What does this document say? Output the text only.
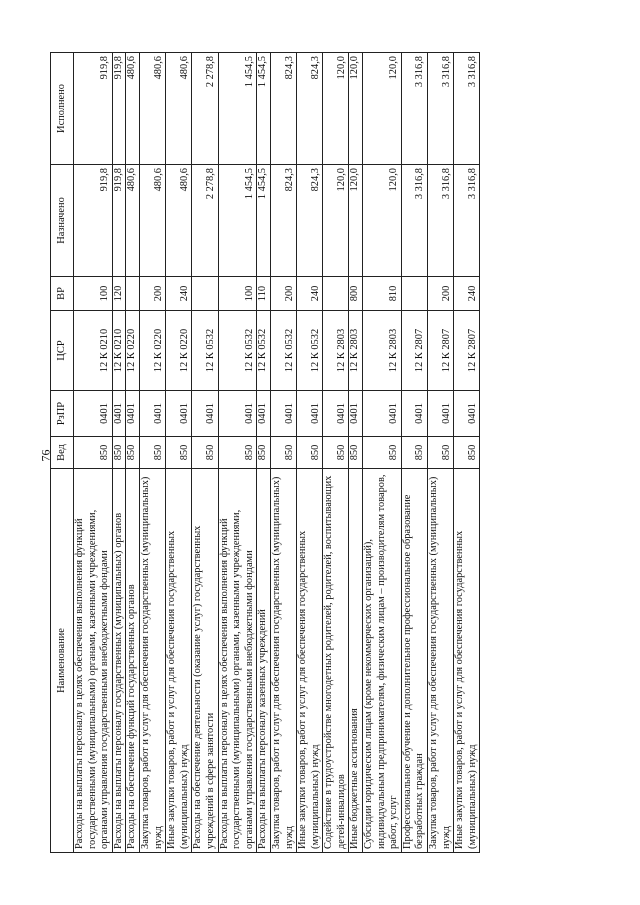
76
Наименование	Вед	РзПР	ЦСР	ВР	Назначено	Исполнено
Расходы на выплаты персоналу в целях обеспечения выполнения функций государственными (муниципальными) органами, казенными учреждениями, органами управления государственными внебюджетными фондами	850	0401	12 К 0210	100	919,8	919,8
Расходы на выплаты персоналу государственных (муниципальных) органов	850	0401	12 К 0210	120	919,8	919,8
Расходы на обеспечение функций государственных органов	850	0401	12 К 0220		480,6	480,6
Закупка товаров, работ и услуг для обеспечения государственных (муниципальных) нужд	850	0401	12 К 0220	200	480,6	480,6
Иные закупки товаров, работ и услуг для обеспечения государственных (муниципальных) нужд	850	0401	12 К 0220	240	480,6	480,6
Расходы на обеспечение деятельности (оказание услуг) государственных учреждений в сфере занятости	850	0401	12 К 0532		2 278,8	2 278,8
Расходы на выплаты персоналу в целях обеспечения выполнения функций государственными (муниципальными) органами, казенными учреждениями, органами управления государственными внебюджетными фондами	850	0401	12 К 0532	100	1 454,5	1 454,5
Расходы на выплаты персоналу казенных учреждений	850	0401	12 К 0532	110	1 454,5	1 454,5
Закупка товаров, работ и услуг для обеспечения государственных (муниципальных) нужд	850	0401	12 К 0532	200	824,3	824,3
Иные закупки товаров, работ и услуг для обеспечения государственных (муниципальных) нужд	850	0401	12 К 0532	240	824,3	824,3
Содействие в трудоустройстве многодетных родителей, родителей, воспитывающих детей-инвалидов	850	0401	12 К 2803		120,0	120,0
Иные бюджетные ассигнования	850	0401	12 К 2803	800	120,0	120,0
Субсидии юридическим лицам (кроме некоммерческих организаций), индивидуальным предпринимателям, физическим лицам – производителям товаров, работ, услуг	850	0401	12 К 2803	810	120,0	120,0
Профессиональное обучение и дополнительное профессиональное образование безработных граждан	850	0401	12 К 2807		3 316,8	3 316,8
Закупка товаров, работ и услуг для обеспечения государственных (муниципальных) нужд	850	0401	12 К 2807	200	3 316,8	3 316,8
Иные закупки товаров, работ и услуг для обеспечения государственных (муниципальных) нужд	850	0401	12 К 2807	240	3 316,8	3 316,8
